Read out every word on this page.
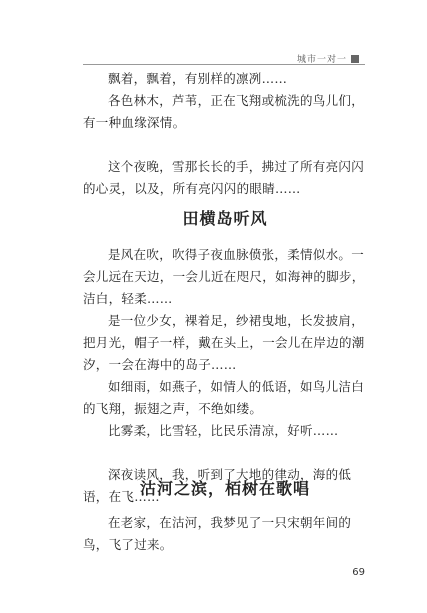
城市一对一

飘着，飘着，有别样的凛冽……

各色林木，芦苇，正在飞翔或梳洗的鸟儿们，有一种血缘深情。

这个夜晚，雪那长长的手，拂过了所有亮闪闪的心灵，以及，所有亮闪闪的眼睛……

田横岛听风

是风在吹，吹得子夜血脉偾张，柔情似水。一会儿远在天边，一会儿近在咫尺，如海神的脚步，洁白，轻柔……

是一位少女，裸着足，纱裙曳地，长发披肩，把月光，帽子一样，戴在头上，一会儿在岸边的潮汐，一会在海中的岛子……

如细雨，如燕子，如情人的低语，如鸟儿洁白的飞翔，振翅之声，不绝如缕。

比雾柔，比雪轻，比民乐清凉，好听……

深夜读风，我，听到了大地的律动，海的低语，在飞……

沽河之滨，栢树在歌唱

在老家，在沽河，我梦见了一只宋朝年间的鸟，飞了过来。

69
